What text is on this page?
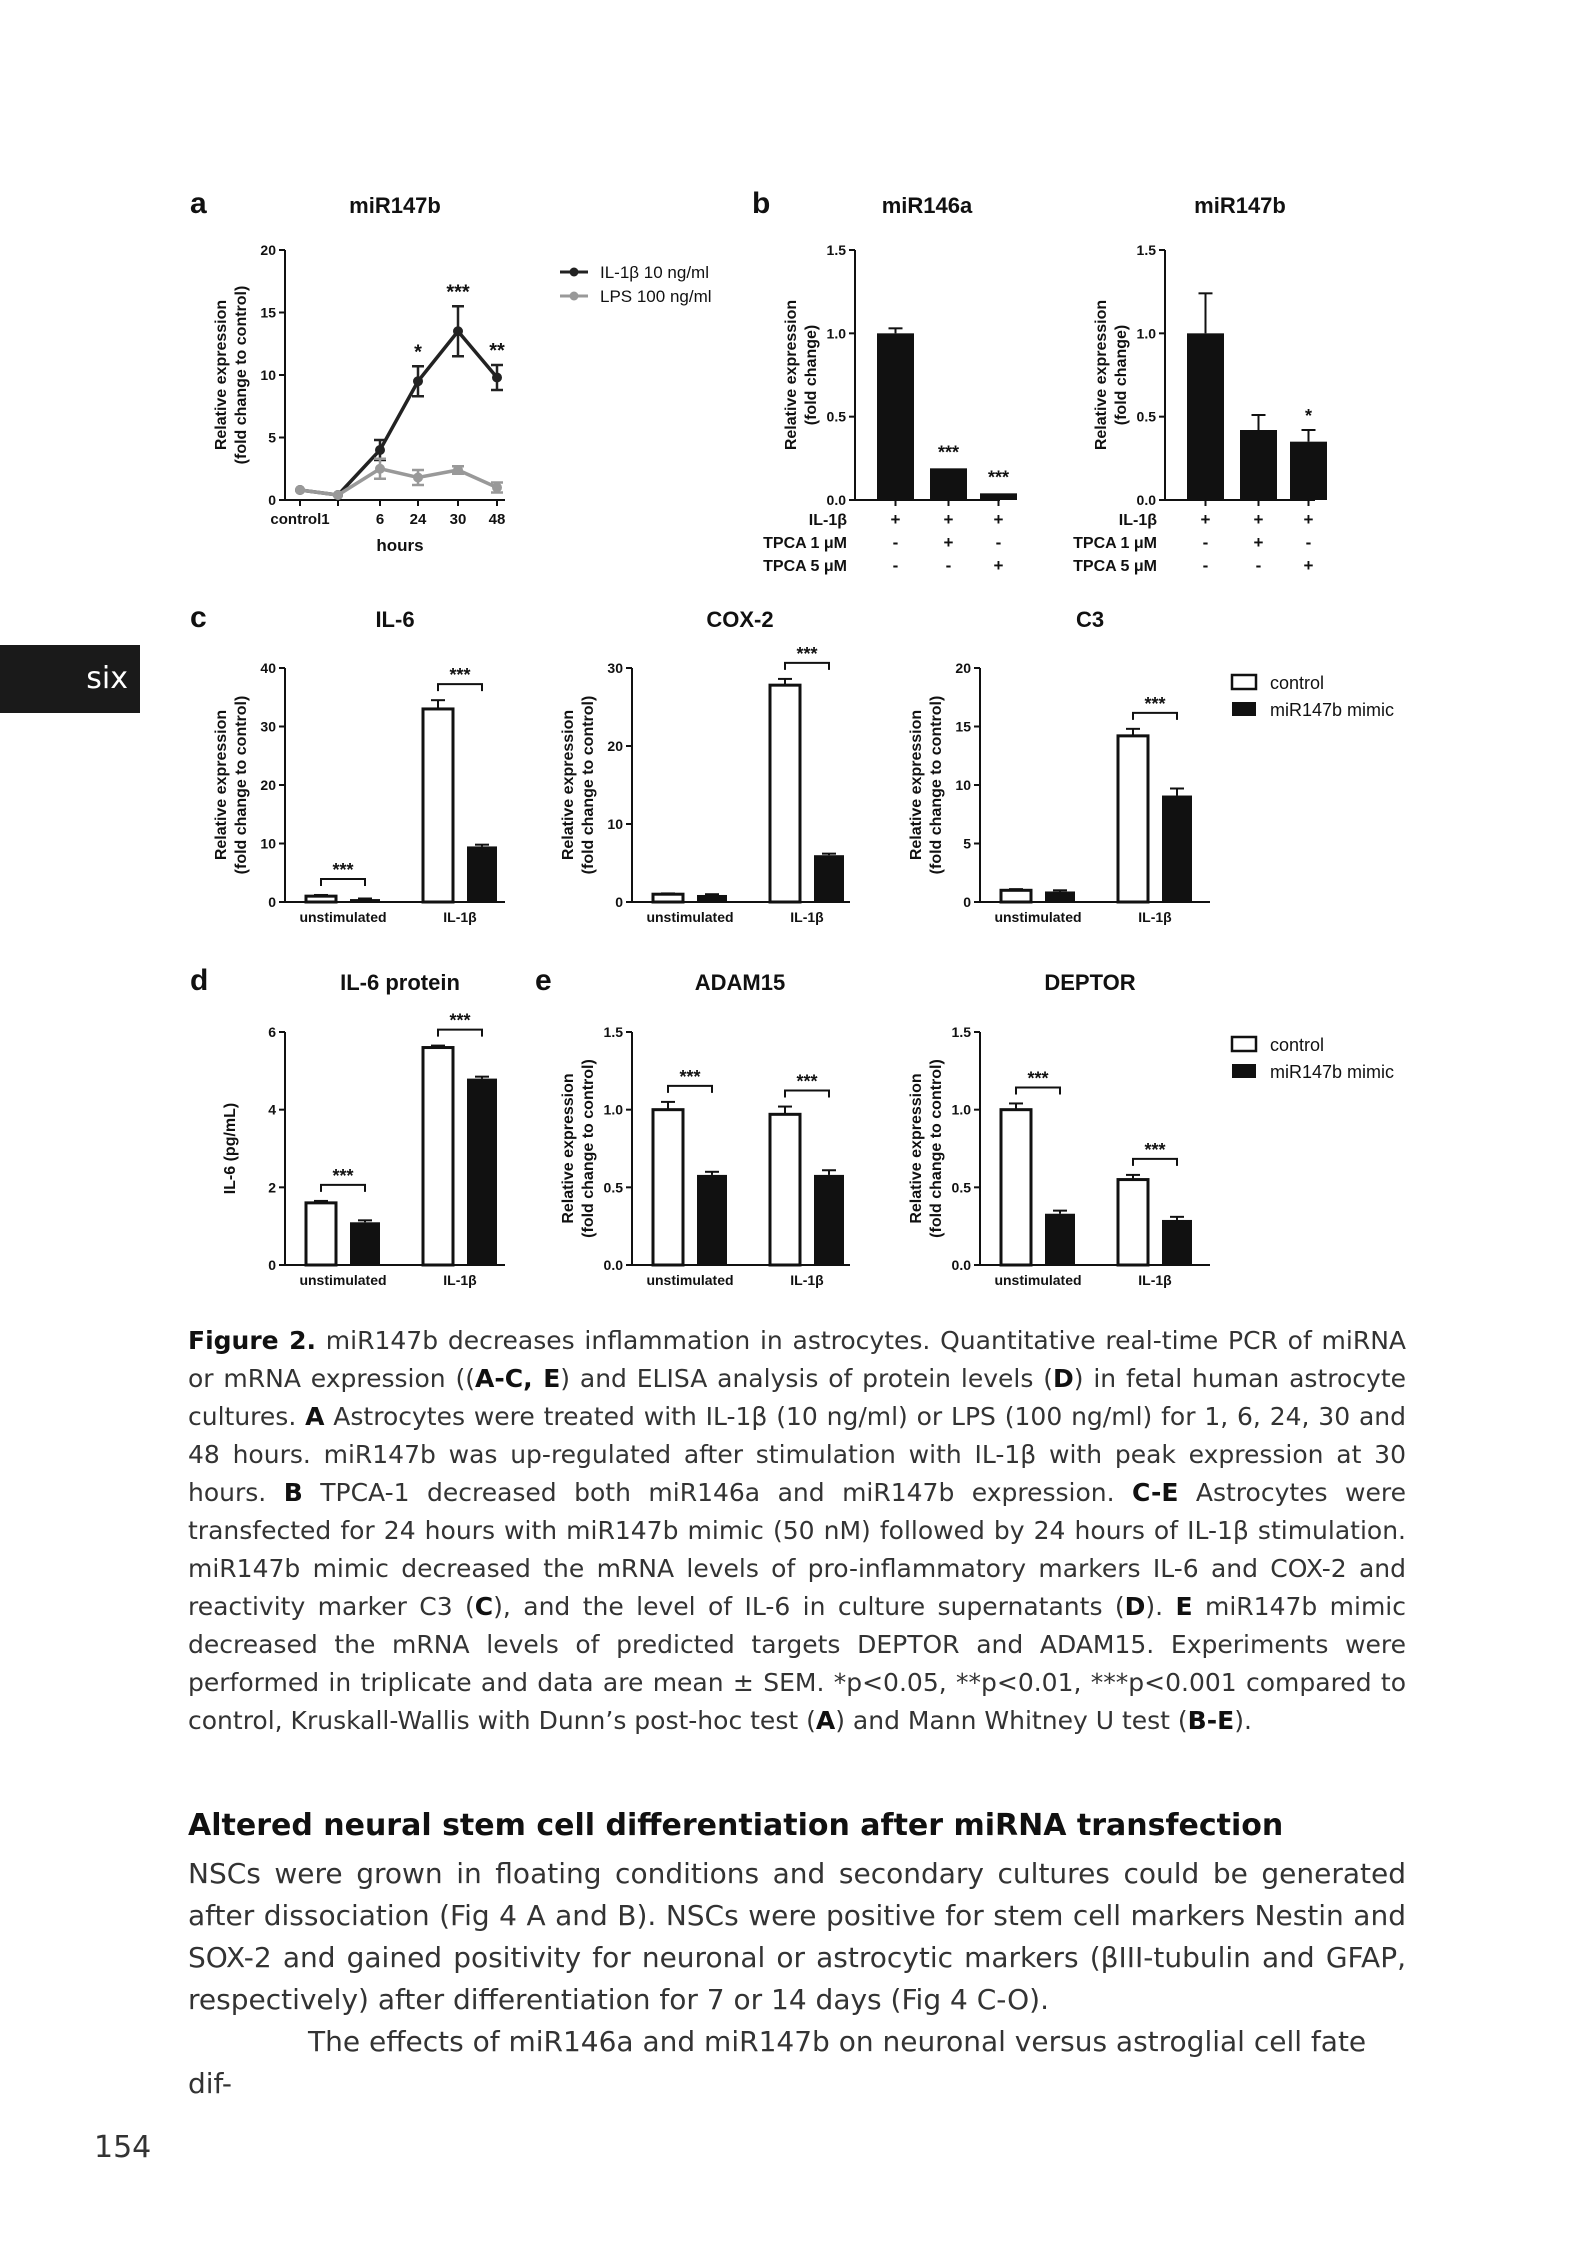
a	b
c
d	e
miR147b
0
5
10
15
20
Relative expression (fold change to control)
control1	6 24 30 48
hours
*
***
**
IL-1β 10 ng/ml
LPS 100 ng/ml
miR146a
0.0
0.5
1.0
1.5
Relative expression (fold change)
***
***
IL-1β	+	+ +
TPCA 1 μM	-	+ -
TPCA 5 μM	-	- +
miR147b
0.0
0.5
1.0
1.5
Relative expression (fold change)	*
IL-1β	+	+ +
TPCA 1 μM	-	+ -
TPCA 5 μM	-	- +
IL-6
0
10
20
30
40
Relative expression (fold change to control)
unstimulated
***
IL-1β
***
COX-2
0
10
20
30
Relative expression (fold change to control)
unstimulated	IL-1β
***
C3
0
5
10
15
20
Relative expression (fold change to control)
unstimulated	IL-1β
***
IL-6 protein
0
2
4
6
IL-6 (pg/mL)
unstimulated
***
IL-1β
***
ADAM15
0.0
0.5
1.0
1.5
Relative expression (fold change to control)
unstimulated
***
IL-1β
***
DEPTOR
0.0
0.5
1.0
1.5
Relative expression (fold change to control)
unstimulated
***
IL-1β
***
control
miR147b mimic
control
miR147b mimic
six
Figure 2. miR147b decreases inflammation in astrocytes. Quantitative real-time PCR of miRNA or mRNA expression ((A-C, E) and ELISA analysis of protein levels (D) in fetal human astrocyte cultures. A Astrocytes were treated with IL-1β (10 ng/ml) or LPS (100 ng/ml) for 1, 6, 24, 30 and 48 hours. miR147b was up-regulated after stimulation with IL-1β with peak expression at 30 hours. B TPCA-1 decreased both miR146a and miR147b expression. C-E Astrocytes were transfected for 24 hours with miR147b mimic (50 nM) followed by 24 hours of IL-1β stimulation. miR147b mimic decreased the mRNA levels of pro-inflammatory markers IL-6 and COX-2 and reactivity marker C3 (C), and the level of IL-6 in culture supernatants (D). E miR147b mimic decreased the mRNA levels of predicted targets DEPTOR and ADAM15. Experiments were performed in triplicate and data are mean ± SEM. *p<0.05, **p<0.01, ***p<0.001 compared to control, Kruskall-Wallis with Dunn’s post-hoc test (A) and Mann Whitney U test (B-E).
Altered neural stem cell differentiation after miRNA transfection

NSCs were grown in floating conditions and secondary cultures could be generated after dissociation (Fig 4 A and B). NSCs were positive for stem cell markers Nestin and SOX-2 and gained positivity for neuronal or astrocytic markers (βIII-tubulin and GFAP, respectively) after differentiation for 7 or 14 days (Fig 4 C-O).

The effects of miR146a and miR147b on neuronal versus astroglial cell fate dif-

154
